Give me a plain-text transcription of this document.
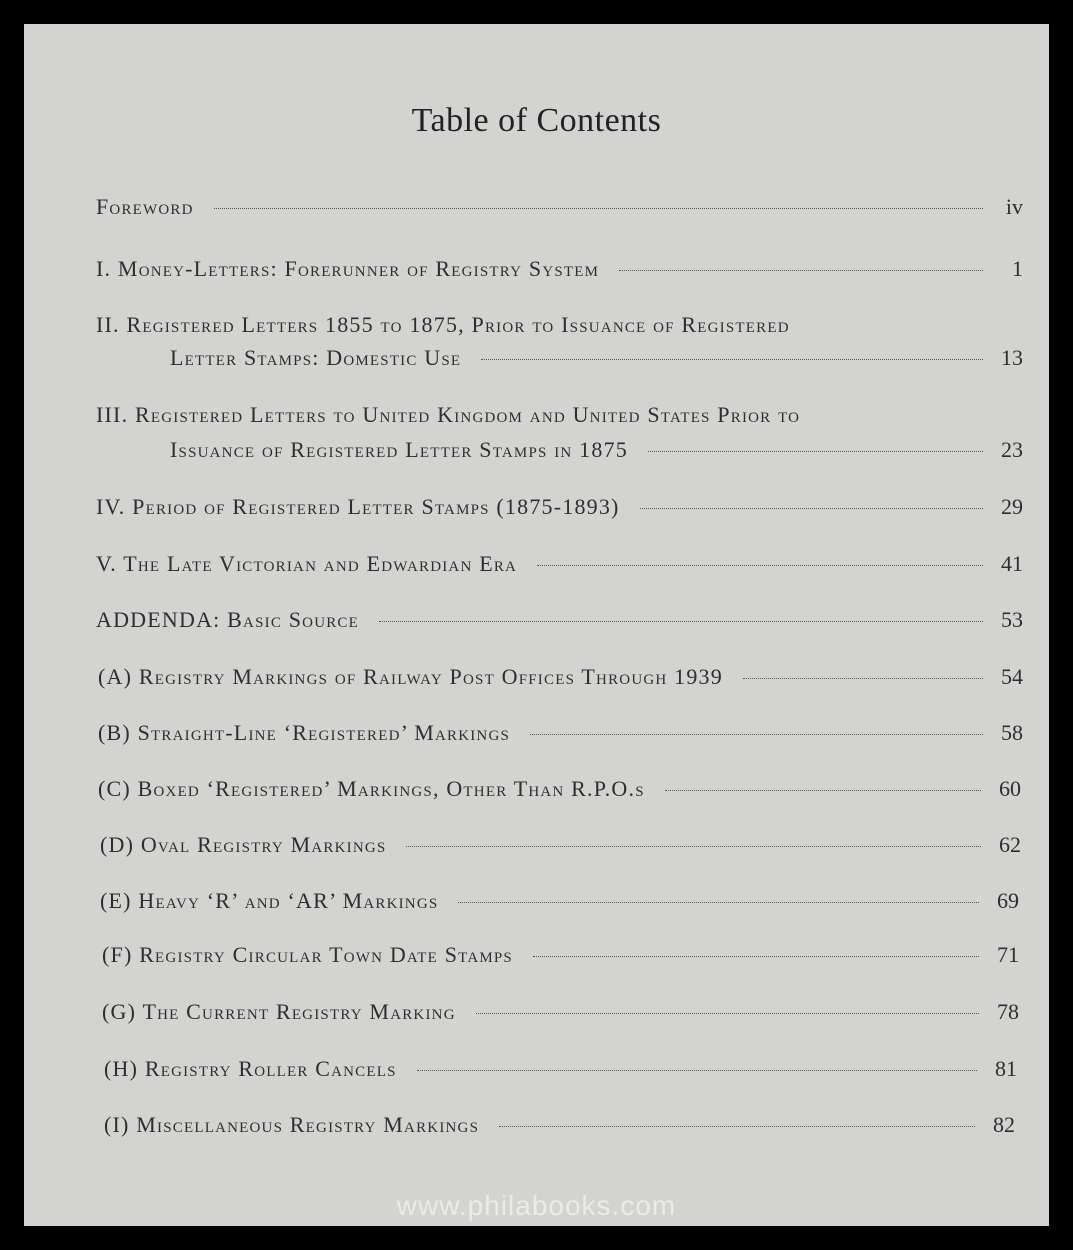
Table of Contents
Foreword	iv
I. Money-Letters: Forerunner of Registry System	1
II. Registered Letters 1855 to 1875, Prior to Issuance of Registered
Letter Stamps: Domestic Use	13
III. Registered Letters to United Kingdom and United States Prior to
Issuance of Registered Letter Stamps in 1875	23
IV. Period of Registered Letter Stamps (1875-1893)	29
V. The Late Victorian and Edwardian Era	41
ADDENDA: Basic Source	53
(A) Registry Markings of Railway Post Offices Through 1939	54
(B) Straight-Line ‘Registered’ Markings	58
(C) Boxed ‘Registered’ Markings, Other Than R.P.O.s	60
(D) Oval Registry Markings	62
(E) Heavy ‘R’ and ‘AR’ Markings	69
(F) Registry Circular Town Date Stamps	71
(G) The Current Registry Marking	78
(H) Registry Roller Cancels	81
(I) Miscellaneous Registry Markings	82
www.philabooks.com
